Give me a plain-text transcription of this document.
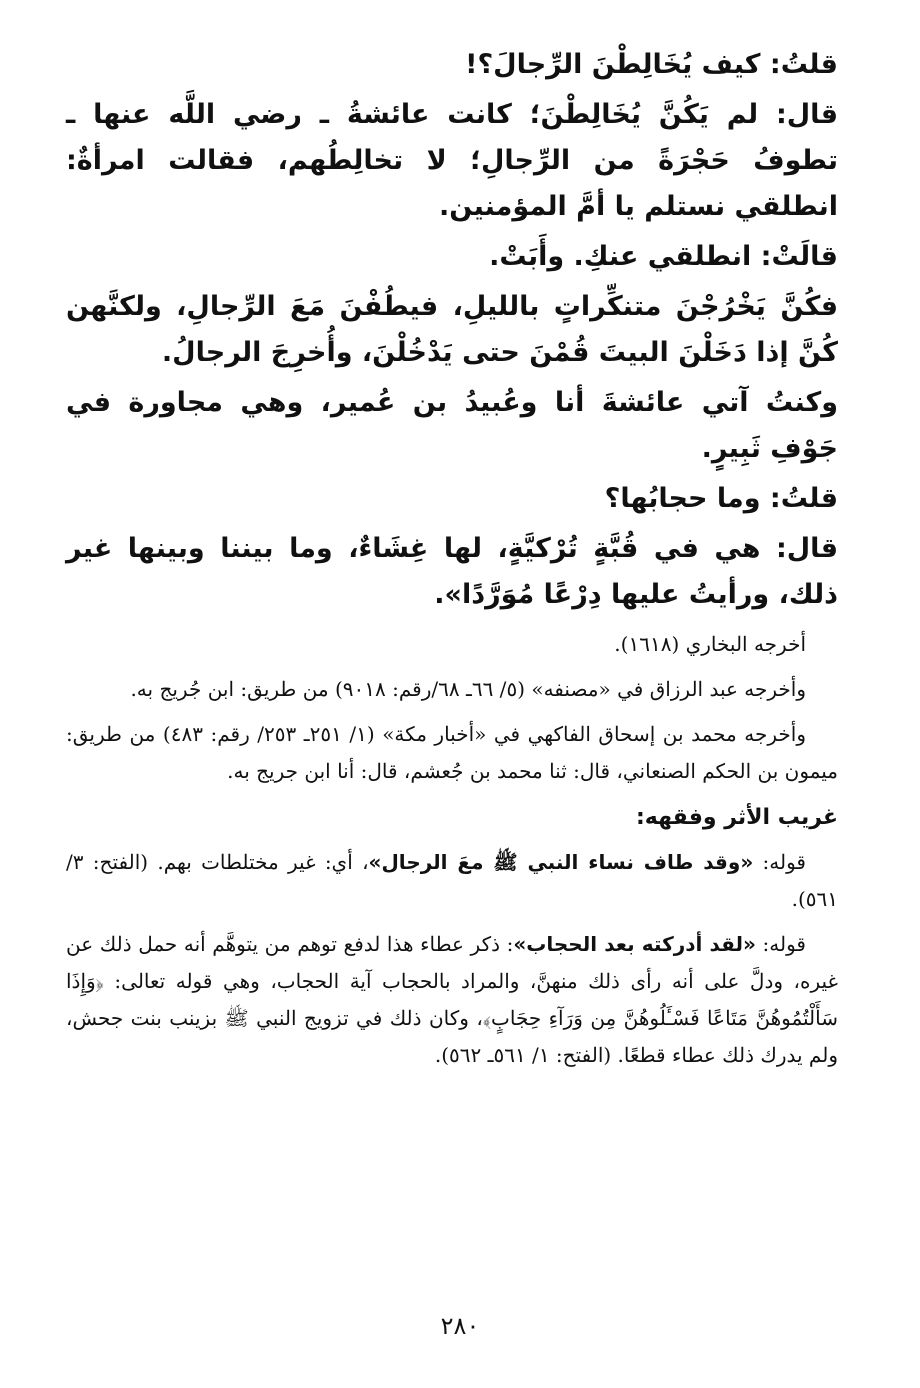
قلتُ: كيف يُخَالِطْنَ الرِّجالَ؟!

قال: لم يَكُنَّ يُخَالِطْنَ؛ كانت عائشةُ ـ رضي اللَّه عنها ـ تطوفُ حَجْرَةً من الرِّجالِ؛ لا تخالِطُهم، فقالت امرأةٌ: انطلقي نستلم يا أمَّ المؤمنين.

قالَتْ: انطلقي عنكِ. وأَبَتْ.

فكُنَّ يَخْرُجْنَ متنكِّراتٍ بالليلِ، فيطُفْنَ مَعَ الرِّجالِ، ولكنَّهن كُنَّ إذا دَخَلْنَ البيتَ قُمْنَ حتى يَدْخُلْنَ، وأُخرِجَ الرجالُ.

وكنتُ آتي عائشةَ أنا وعُبيدُ بن عُمير، وهي مجاورة في جَوْفِ ثَبِيرٍ.

قلتُ: وما حجابُها؟

قال: هي في قُبَّةٍ تُرْكيَّةٍ، لها غِشَاءٌ، وما بيننا وبينها غير ذلك، ورأيتُ عليها دِرْعًا مُوَرَّدًا».

أخرجه البخاري (١٦١٨).

وأخرجه عبد الرزاق في «مصنفه» (٥/ ٦٦ـ ٦٨/رقم: ٩٠١٨) من طريق: ابن جُريج به.

وأخرجه محمد بن إسحاق الفاكهي في «أخبار مكة» (١/ ٢٥١ـ ٢٥٣/ رقم: ٤٨٣) من طريق: ميمون بن الحكم الصنعاني، قال: ثنا محمد بن جُعشم، قال: أنا ابن جريج به.

غريب الأثر وفقهه:

قوله: «وقد طاف نساء النبي ﷺ معَ الرجال»، أي: غير مختلطات بهم. (الفتح: ٣/ ٥٦١).

قوله: «لقد أدركته بعد الحجاب»: ذكر عطاء هذا لدفع توهم من يتوهَّم أنه حمل ذلك عن غيره، ودلَّ على أنه رأى ذلك منهنَّ، والمراد بالحجاب آية الحجاب، وهي قوله تعالى: ﴿وَإِذَا سَأَلْتُمُوهُنَّ مَتَاعًا فَسْـَٔلُوهُنَّ مِن وَرَآءِ حِجَابٍ﴾، وكان ذلك في تزويج النبي ﷺ بزينب بنت جحش، ولم يدرك ذلك عطاء قطعًا. (الفتح: ١/ ٥٦١ـ ٥٦٢).

٢٨٠
